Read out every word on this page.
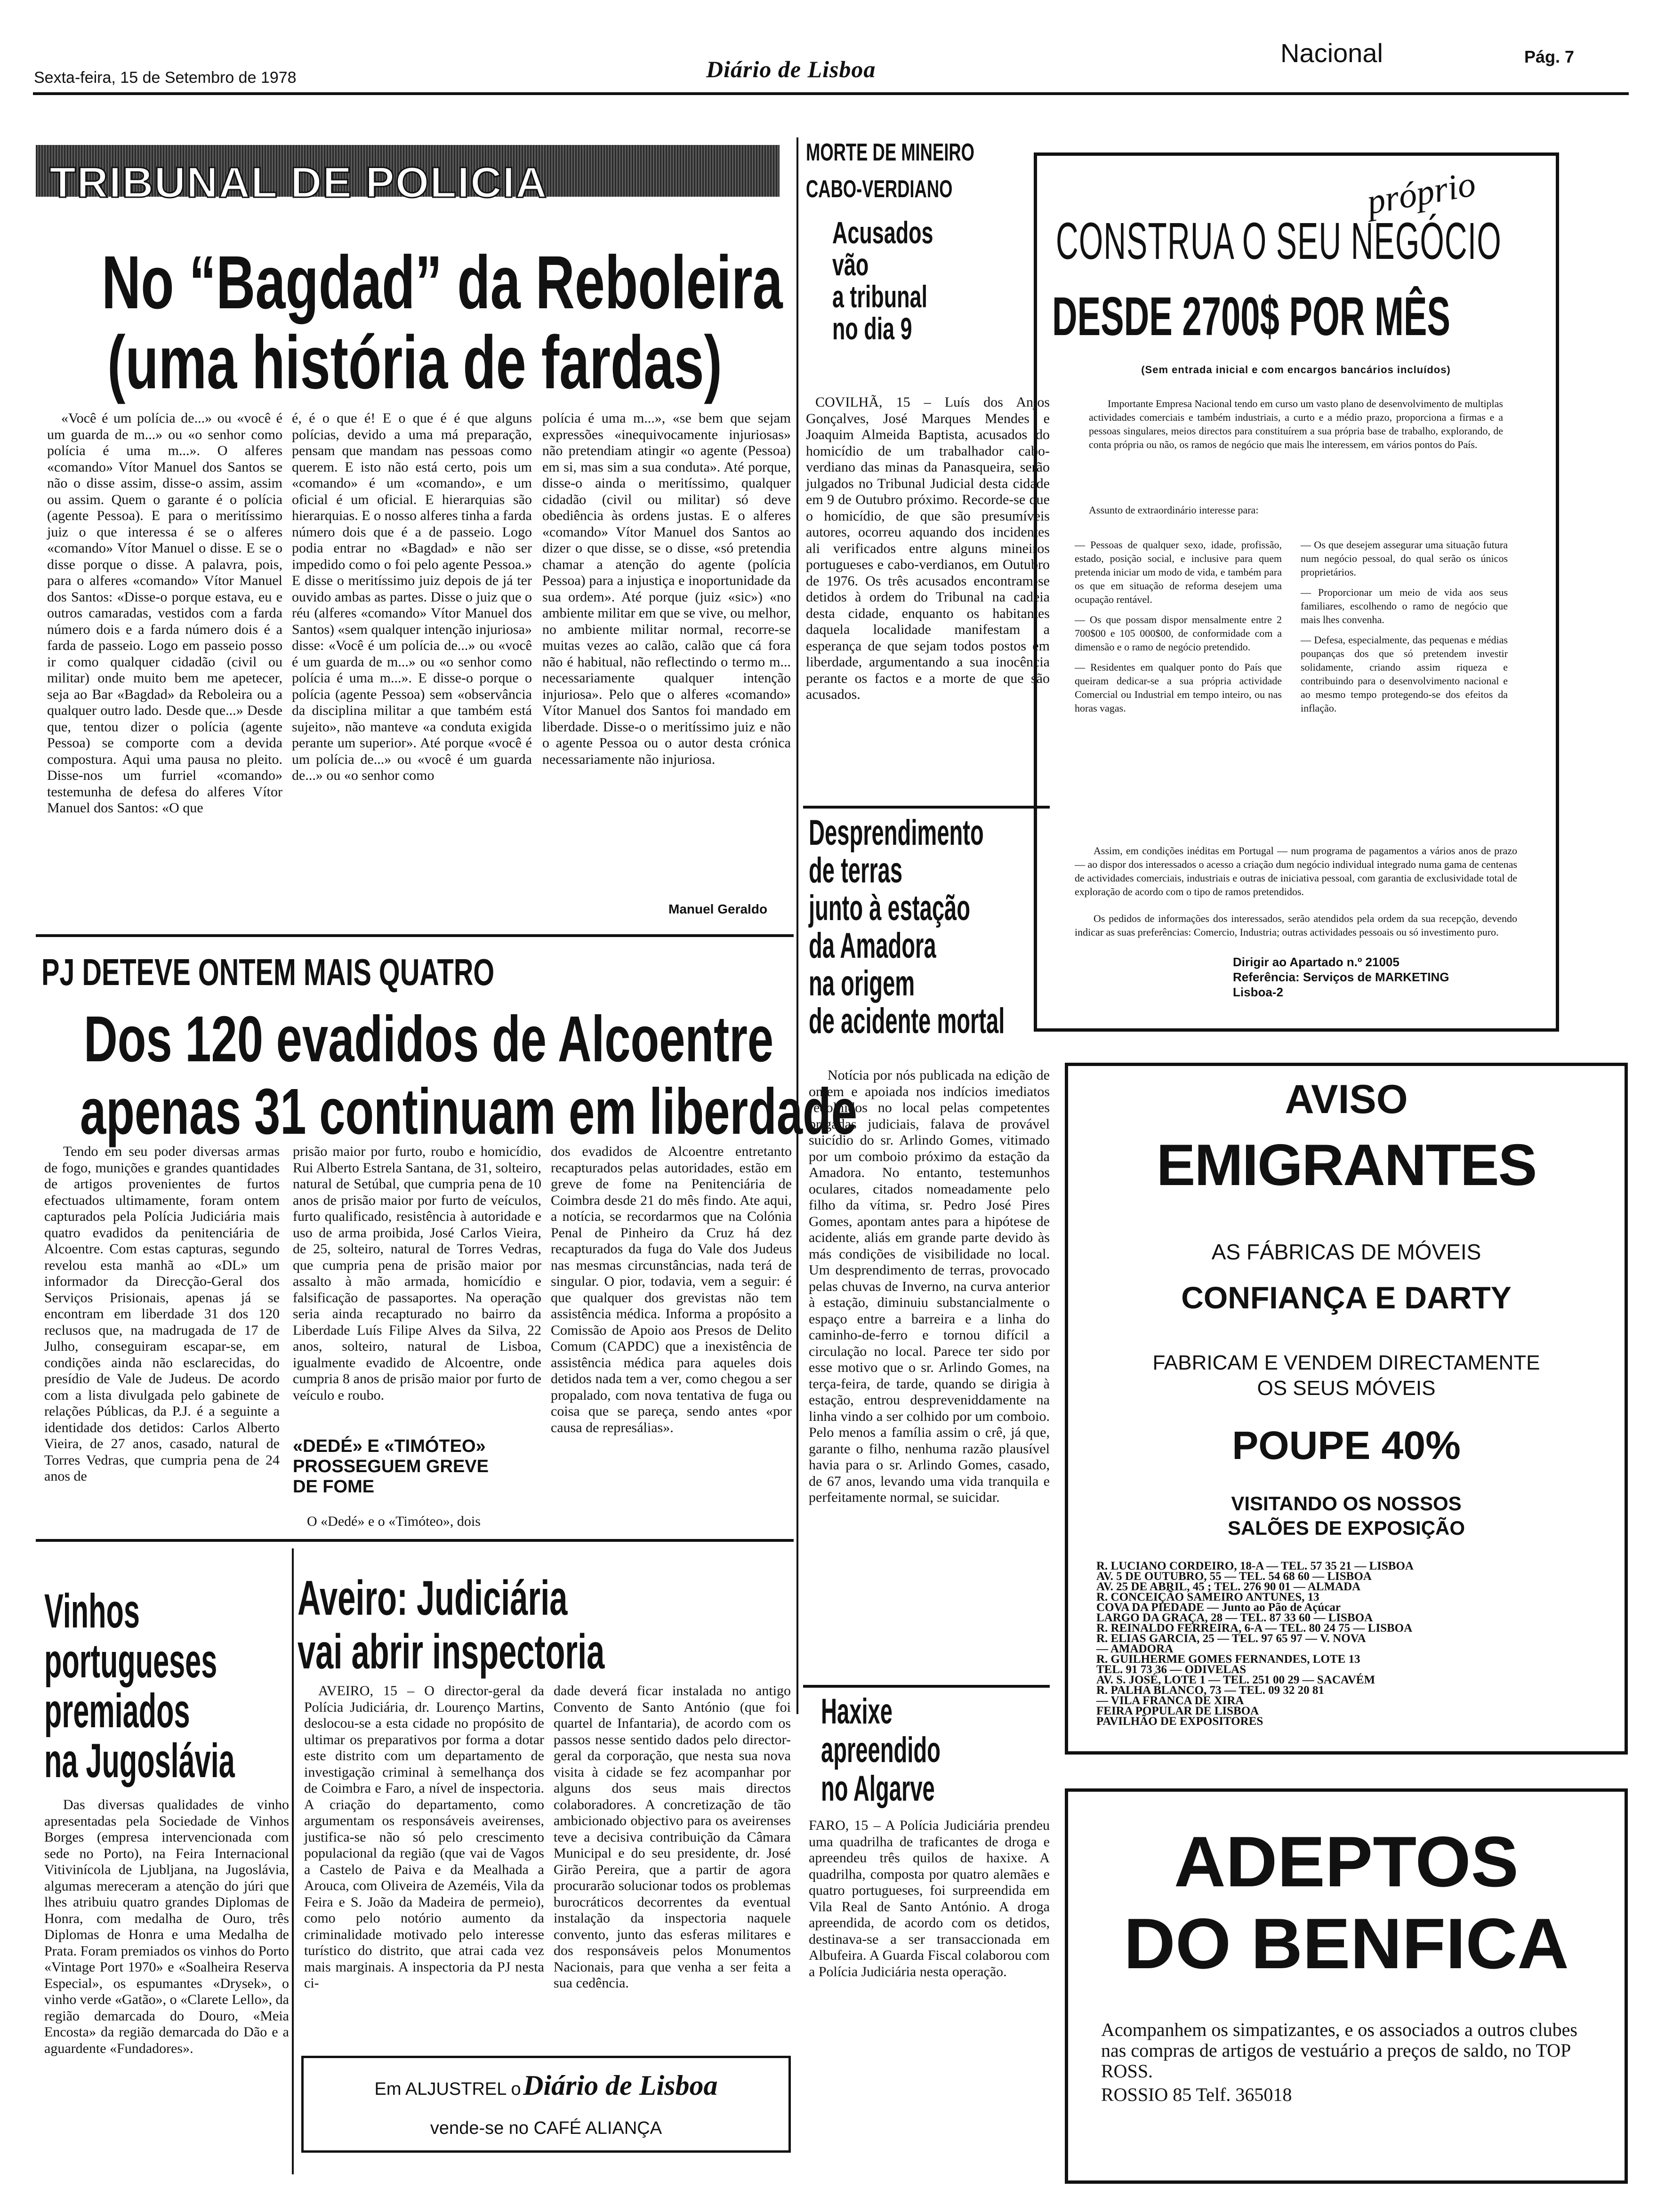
Sexta-feira, 15 de Setembro de 1978	Diário de Lisboa
Nacional	Pág. 7
TRIBUNAL DE POLICIA
No “Bagdad” da Reboleira
(uma história de fardas)

«Você é um polícia de...» ou «você é um guarda de m...» ou «o senhor como polícia é uma m...». O alferes «comando» Vítor Manuel dos Santos se não o disse assim, disse-o assim, assim ou assim. Quem o garante é o polícia (agente Pessoa). E para o meritíssimo juiz o que interessa é se o alferes «comando» Vítor Manuel o disse. E se o disse porque o disse. A palavra, pois, para o alferes «comando» Vítor Manuel dos Santos: «Disse-o porque estava, eu e outros camaradas, vestidos com a farda número dois e a farda número dois é a farda de passeio. Logo em passeio posso ir como qualquer cidadão (civil ou militar) onde muito bem me apetecer, seja ao Bar «Bagdad» da Reboleira ou a qualquer outro lado. Desde que...» Desde que, tentou dizer o polícia (agente Pessoa) se comporte com a devida compostura. Aqui uma pausa no pleito. Disse-nos um furriel «comando» testemunha de defesa do alferes Vítor Manuel dos Santos: «O que

é, é o que é! E o que é é que alguns polícias, devido a uma má preparação, pensam que mandam nas pessoas como querem. E isto não está certo, pois um «comando» é um «comando», e um oficial é um oficial. E hierarquias são hierarquias. E o nosso alferes tinha a farda número dois que é a de passeio. Logo podia entrar no «Bagdad» e não ser impedido como o foi pelo agente Pessoa.» E disse o meritíssimo juiz depois de já ter ouvido ambas as partes. Disse o juiz que o réu (alferes «comando» Vítor Manuel dos Santos) «sem qualquer intenção injuriosa» disse: «Você é um polícia de...» ou «você é um guarda de m...» ou «o senhor como polícia é uma m...». E disse-o porque o polícia (agente Pessoa) sem «observância da disciplina militar a que também está sujeito», não manteve «a conduta exigida perante um superior». Até porque «você é um polícia de...» ou «você é um guarda de...» ou «o senhor como

polícia é uma m...», «se bem que sejam expressões «inequivocamente injuriosas» não pretendiam atingir «o agente (Pessoa) em si, mas sim a sua conduta». Até porque, disse-o ainda o meritíssimo, qualquer cidadão (civil ou militar) só deve obediência às ordens justas. E o alferes «comando» Vítor Manuel dos Santos ao dizer o que disse, se o disse, «só pretendia chamar a atenção do agente (polícia Pessoa) para a injustiça e inoportunidade da sua ordem». Até porque (juiz «sic») «no ambiente militar em que se vive, ou melhor, no ambiente militar normal, recorre-se muitas vezes ao calão, calão que cá fora não é habitual, não reflectindo o termo m... necessariamente qualquer intenção injuriosa». Pelo que o alferes «comando» Vítor Manuel dos Santos foi mandado em liberdade. Disse-o o meritíssimo juiz e não o agente Pessoa ou o autor desta crónica necessariamente não injuriosa.

Manuel Geraldo
MORTE DE MINEIRO
CABO-VERDIANO
Acusados
vão
a tribunal
no dia 9

COVILHÃ, 15 – Luís dos Anjos Gonçalves, José Marques Mendes e Joaquim Almeida Baptista, acusados do homicídio de um trabalhador cabo-verdiano das minas da Panasqueira, serão julgados no Tribunal Judicial desta cidade em 9 de Outubro próximo. Recorde-se que o homicídio, de que são presumíveis autores, ocorreu aquando dos incidentes ali verificados entre alguns mineiros portugueses e cabo-verdianos, em Outubro de 1976. Os três acusados encontram-se detidos à ordem do Tribunal na cadeia desta cidade, enquanto os habitantes daquela localidade manifestam a esperança de que sejam todos postos em liberdade, argumentando a sua inocência perante os factos e a morte de que são acusados.

próprio
CONSTRUA O SEU NEGÓCIO
DESDE 2700$ POR MÊS
(Sem entrada inicial e com encargos bancários incluídos)

Importante Empresa Nacional tendo em curso um vasto plano de desenvolvimento de multiplas actividades comerciais e também industriais, a curto e a médio prazo, proporciona a firmas e a pessoas singulares, meios directos para constituírem a sua própria base de trabalho, explorando, de conta própria ou não, os ramos de negócio que mais lhe interessem, em vários pontos do País.

Assunto de extraordinário interesse para:

— Pessoas de qualquer sexo, idade, profissão, estado, posição social, e inclusive para quem pretenda iniciar um modo de vida, e também para os que em situação de reforma desejem uma ocupação rentável.

— Os que possam dispor mensalmente entre 2 700$00 e 105 000$00, de conformidade com a dimensão e o ramo de negócio pretendido.

— Residentes em qualquer ponto do País que queiram dedicar-se a sua própria actividade Comercial ou Industrial em tempo inteiro, ou nas horas vagas.

— Os que desejem assegurar uma situação futura num negócio pessoal, do qual serão os únicos proprietários.

— Proporcionar um meio de vida aos seus familiares, escolhendo o ramo de negócio que mais lhes convenha.

— Defesa, especialmente, das pequenas e médias poupanças dos que só pretendem investir solidamente, criando assim riqueza e contribuindo para o desenvolvimento nacional e ao mesmo tempo protegendo-se dos efeitos da inflação.

Assim, em condições inéditas em Portugal — num programa de pagamentos a vários anos de prazo — ao dispor dos interessados o acesso a criação dum negócio individual integrado numa gama de centenas de actividades comerciais, industriais e outras de iniciativa pessoal, com garantia de exclusividade total de exploração de acordo com o tipo de ramos pretendidos.

Os pedidos de informações dos interessados, serão atendidos pela ordem da sua recepção, devendo indicar as suas preferências: Comercio, Industria; outras actividades pessoais ou só investimento puro.

Dirigir ao Apartado n.º 21005
Referência: Serviços de MARKETING
Lisboa-2
PJ DETEVE ONTEM MAIS QUATRO
Dos 120 evadidos de Alcoentre
apenas 31 continuam em liberdade

Tendo em seu poder diversas armas de fogo, munições e grandes quantidades de artigos provenientes de furtos efectuados ultimamente, foram ontem capturados pela Polícia Judiciária mais quatro evadidos da penitenciária de Alcoentre. Com estas capturas, segundo revelou esta manhã ao «DL» um informador da Direcção-Geral dos Serviços Prisionais, apenas já se encontram em liberdade 31 dos 120 reclusos que, na madrugada de 17 de Julho, conseguiram escapar-se, em condições ainda não esclarecidas, do presídio de Vale de Judeus. De acordo com a lista divulgada pelo gabinete de relações Públicas, da P.J. é a seguinte a identidade dos detidos: Carlos Alberto Vieira, de 27 anos, casado, natural de Torres Vedras, que cumpria pena de 24 anos de

prisão maior por furto, roubo e homicídio, Rui Alberto Estrela Santana, de 31, solteiro, natural de Setúbal, que cumpria pena de 10 anos de prisão maior por furto de veículos, furto qualificado, resistência à autoridade e uso de arma proibida, José Carlos Vieira, de 25, solteiro, natural de Torres Vedras, que cumpria pena de prisão maior por assalto à mão armada, homicídio e falsificação de passaportes. Na operação seria ainda recapturado no bairro da Liberdade Luís Filipe Alves da Silva, 22 anos, solteiro, natural de Lisboa, igualmente evadido de Alcoentre, onde cumpria 8 anos de prisão maior por furto de veículo e roubo.

«DEDÉ» E «TIMÓTEO» PROSSEGUEM GREVE DE FOME

O «Dedé» e o «Timóteo», dois

dos evadidos de Alcoentre entretanto recapturados pelas autoridades, estão em greve de fome na Penitenciária de Coimbra desde 21 do mês findo. Ate aqui, a notícia, se recordarmos que na Colónia Penal de Pinheiro da Cruz há dez recapturados da fuga do Vale dos Judeus nas mesmas circunstâncias, nada terá de singular. O pior, todavia, vem a seguir: é que qualquer dos grevistas não tem assistência médica. Informa a propósito a Comissão de Apoio aos Presos de Delito Comum (CAPDC) que a inexistência de assistência médica para aqueles dois detidos nada tem a ver, como chegou a ser propalado, com nova tentativa de fuga ou coisa que se pareça, sendo antes «por causa de represálias».

Desprendimento
de terras
junto à estação
da Amadora
na origem
de acidente mortal

Notícia por nós publicada na edição de ontem e apoiada nos indícios imediatos recolhidos no local pelas competentes brigadas judiciais, falava de provável suicídio do sr. Arlindo Gomes, vitimado por um comboio próximo da estação da Amadora. No entanto, testemunhos oculares, citados nomeadamente pelo filho da vítima, sr. Pedro José Pires Gomes, apontam antes para a hipótese de acidente, aliás em grande parte devido às más condições de visibilidade no local. Um desprendimento de terras, provocado pelas chuvas de Inverno, na curva anterior à estação, diminuiu substancialmente o espaço entre a barreira e a linha do caminho-de-ferro e tornou difícil a circulação no local. Parece ter sido por esse motivo que o sr. Arlindo Gomes, na terça-feira, de tarde, quando se dirigia à estação, entrou despreveniddamente na linha vindo a ser colhido por um comboio. Pelo menos a família assim o crê, já que, garante o filho, nenhuma razão plausível havia para o sr. Arlindo Gomes, casado, de 67 anos, levando uma vida tranquila e perfeitamente normal, se suicidar.

Haxixe
apreendido
no Algarve

FARO, 15 – A Polícia Judiciária prendeu uma quadrilha de traficantes de droga e apreendeu três quilos de haxixe. A quadrilha, composta por quatro alemães e quatro portugueses, foi surpreendida em Vila Real de Santo António. A droga apreendida, de acordo com os detidos, destinava-se a ser transaccionada em Albufeira. A Guarda Fiscal colaborou com a Polícia Judiciária nesta operação.

Vinhos
portugueses
premiados
na Jugoslávia

Das diversas qualidades de vinho apresentadas pela Sociedade de Vinhos Borges (empresa intervencionada com sede no Porto), na Feira Internacional Vitivinícola de Ljubljana, na Jugoslávia, algumas mereceram a atenção do júri que lhes atribuiu quatro grandes Diplomas de Honra, com medalha de Ouro, três Diplomas de Honra e uma Medalha de Prata. Foram premiados os vinhos do Porto «Vintage Port 1970» e «Soalheira Reserva Especial», os espumantes «Drysek», o vinho verde «Gatão», o «Clarete Lello», da região demarcada do Douro, «Meia Encosta» da região demarcada do Dão e a aguardente «Fundadores».

Aveiro: Judiciária
vai abrir inspectoria

AVEIRO, 15 – O director-geral da Polícia Judiciária, dr. Lourenço Martins, deslocou-se a esta cidade no propósito de ultimar os preparativos por forma a dotar este distrito com um departamento de investigação criminal à semelhança dos de Coimbra e Faro, a nível de inspectoria. A criação do departamento, como argumentam os responsáveis aveirenses, justifica-se não só pelo crescimento populacional da região (que vai de Vagos a Castelo de Paiva e da Mealhada a Arouca, com Oliveira de Azeméis, Vila da Feira e S. João da Madeira de permeio), como pelo notório aumento da criminalidade motivado pelo interesse turístico do distrito, que atrai cada vez mais marginais. A inspectoria da PJ nesta ci-

dade deverá ficar instalada no antigo Convento de Santo António (que foi quartel de Infantaria), de acordo com os passos nesse sentido dados pelo director-geral da corporação, que nesta sua nova visita à cidade se fez acompanhar por alguns dos seus mais directos colaboradores. A concretização de tão ambicionado objectivo para os aveirenses teve a decisiva contribuição da Câmara Municipal e do seu presidente, dr. José Girão Pereira, que a partir de agora procurarão solucionar todos os problemas burocráticos decorrentes da eventual instalação da inspectoria naquele convento, junto das esferas militares e dos responsáveis pelos Monumentos Nacionais, para que venha a ser feita a sua cedência.

Em ALJUSTREL o Diário de Lisboa
vende-se no CAFÉ ALIANÇA
AVISO
EMIGRANTES
AS FÁBRICAS DE MÓVEIS
CONFIANÇA E DARTY
FABRICAM E VENDEM DIRECTAMENTE
OS SEUS MÓVEIS
POUPE 40%
VISITANDO OS NOSSOS
SALÕES DE EXPOSIÇÃO
R. LUCIANO CORDEIRO, 18-A — TEL. 57 35 21 — LISBOA
AV. 5 DE OUTUBRO, 55 — TEL. 54 68 60 — LISBOA
AV. 25 DE ABRIL, 45 ; TEL. 276 90 01 — ALMADA
R. CONCEIÇÃO SAMEIRO ANTUNES, 13
COVA DA PIEDADE — Junto ao Pão de Açúcar
LARGO DA GRAÇA, 28 — TEL. 87 33 60 — LISBOA
R. REINALDO FERREIRA, 6-A — TEL. 80 24 75 — LISBOA
R. ELIAS GARCIA, 25 — TEL. 97 65 97 — V. NOVA
— AMADORA
R. GUILHERME GOMES FERNANDES, LOTE 13
TEL. 91 73 36 — ODIVELAS
AV. S. JOSÉ, LOTE 1 — TEL. 251 00 29 — SACAVÉM
R. PALHA BLANCO, 73 — TEL. 09 32 20 81
— VILA FRANCA DE XIRA
FEIRA POPULAR DE LISBOA
PAVILHÃO DE EXPOSITORES
ADEPTOS
DO BENFICA

Acompanhem os simpatizantes, e os associados a outros clubes nas compras de artigos de vestuário a preços de saldo, no TOP ROSS.

ROSSIO 85 Telf. 365018
